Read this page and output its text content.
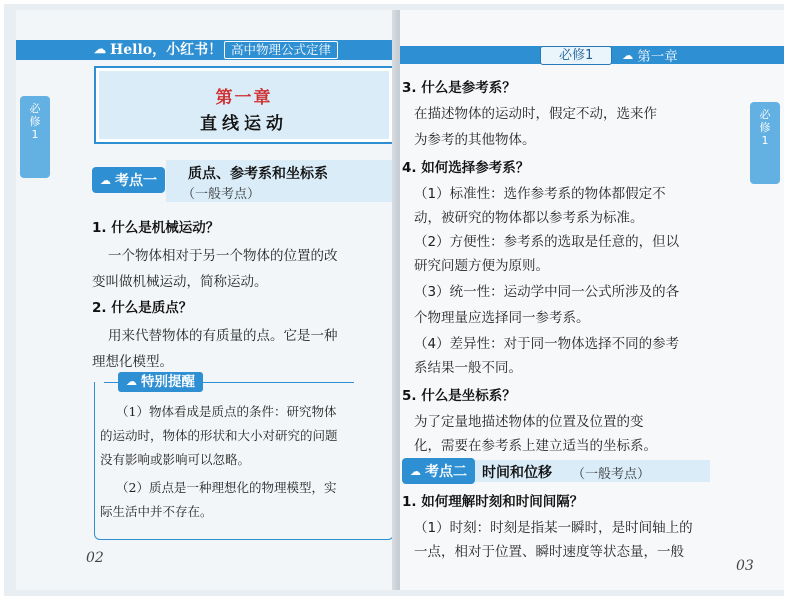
☁ Hello，小红书！ 高中物理公式定律
必
修
1
第一章
直线运动
质点、参考系和坐标系
（一般考点）
☁ 考点一
1. 什么是机械运动？
一个物体相对于另一个物体的位置的改
变叫做机械运动，简称运动。
2. 什么是质点？
用来代替物体的有质量的点。它是一种
理想化模型。
☁ 特别提醒
（1）物体看成是质点的条件：研究物体
的运动时，物体的形状和大小对研究的问题
没有影响或影响可以忽略。
（2）质点是一种理想化的物理模型，实
际生活中并不存在。
02
必修1	☁ 第一章
必
修
1
3. 什么是参考系？
在描述物体的运动时，假定不动，选来作
为参考的其他物体。
4. 如何选择参考系？
（1）标准性：选作参考系的物体都假定不
动，被研究的物体都以参考系为标准。
（2）方便性：参考系的选取是任意的，但以
研究问题方便为原则。
（3）统一性：运动学中同一公式所涉及的各
个物理量应选择同一参考系。
（4）差异性：对于同一物体选择不同的参考
系结果一般不同。
5. 什么是坐标系？
为了定量地描述物体的位置及位置的变
化，需要在参考系上建立适当的坐标系。
时间和位移 （一般考点）
☁ 考点二
1. 如何理解时刻和时间间隔？
（1）时刻：时刻是指某一瞬时，是时间轴上的
一点，相对于位置、瞬时速度等状态量，一般
03
